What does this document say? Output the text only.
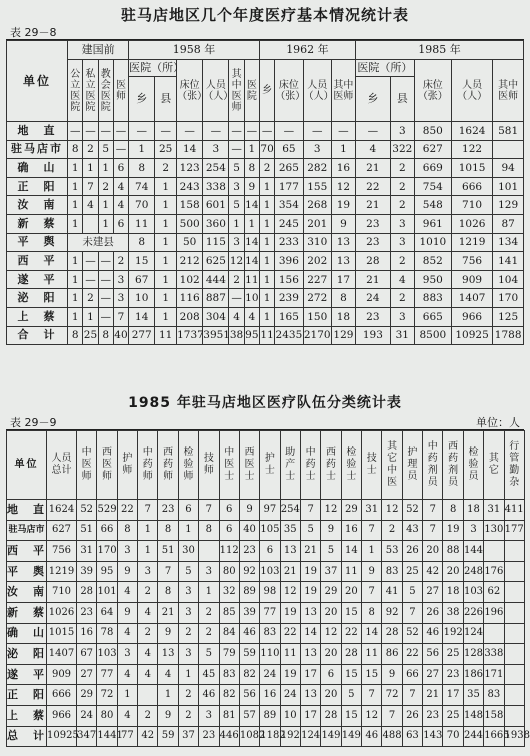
驻马店地区几个年度医疗基本情况统计表
表 29－8
单位	建国前				1958 年						1962 年				1985 年				
	公立医院	私立医院	教会医院	医师	医院（所）		床位（张）	人员（人）	其中医师	医院	乡	床位（张）	人员（人）	其中医师	医院（所）		床位（张）	人员（人）	其中医师
					乡	县									乡	县			
地　直	—	—	—	—	—	—	—	—	—	—	—	—	—	—	—	3	850	1624	581
驻马店市	8	2	5	—	1	25	14	3	—	1	70	65	3	1	4	322	627	122	
确　山	1	1	1	6	8	2	123	254	5	8	2	265	282	16	21	2	669	1015	94
正　阳	1	7	2	4	74	1	243	338	3	9	1	177	155	12	22	2	754	666	101
汝　南	1	4	1	4	70	1	158	601	5	14	1	354	268	19	21	2	548	710	129
新　蔡	1		1	6	11	1	500	360	1	1	1	245	201	9	23	3	961	1026	87
平　舆	未建县				8	1	50	115	3	14	1	233	310	13	23	3	1010	1219	134
西　平	1	—	—	2	15	1	212	625	12	14	1	396	202	13	28	2	852	756	141
遂　平	1	—	—	3	67	1	102	444	2	11	1	156	227	17	21	4	950	909	104
泌　阳	1	2	—	3	10	1	116	887	—	10	1	239	272	8	24	2	883	1407	170
上　蔡	1	1	—	7	14	1	208	304	4	4	1	165	150	18	23	3	665	966	125
合　计	8	25	8	40	277	11	1737	3951	38	95	11	2435	2170	129	193	31	8500	10925	1788
1985 年驻马店地区医疗队伍分类统计表
表 29－9	单位：人
单位	人员总计	中医师	西医师	护师	中药师	西药师	检验师	技师	中医士	西医士	护士	助产士	中药士	西药士	检验士	技士	其它中医	护理员	中药剂员	西药剂员	检验员	其它	行管勤杂
地　直	1624	52	529	22	7	23	6	7	6	9	97	254	7	12	29	31	12	52	7	8	18	31	411
驻马店市	627	51	66	8	1	8	1	8	6	40	105	35	5	9	16	7	2	43	7	19	3	130	177
西　平	756	31	170	3	1	51	30		112	23	6	13	21	5	14	1	53	26	20	88	144		
平　舆	1219	39	95	9	3	7	5	3	80	92	103	21	19	37	11	9	83	25	42	20	248	176	
汝　南	710	28	101	4	2	8	3	1	32	89	98	12	19	29	20	7	41	5	27	18	103	62	
新　蔡	1026	23	64	9	4	21	3	2	85	39	77	19	13	20	15	8	92	7	26	38	226	196	
确　山	1015	16	78	4	2	9	2	2	84	46	83	22	14	12	22	14	28	52	46	192	124		
泌　阳	1407	67	103	3	4	13	3	5	79	59	110	11	13	20	28	11	86	22	56	25	128	338	
遂　平	909	27	77	4	4	4	1	45	83	82	24	19	17	6	15	15	9	66	27	23	186	171	
正　阳	666	29	72	1		1	2	46	82	56	16	24	13	20	5	7	72	7	21	17	35	83	
上　蔡	966	24	80	4	2	9	2	3	81	57	89	10	17	28	15	12	7	26	23	25	148	158	
总　计	10925	347	1441	77	42	59	37	23	446	1082	1182	192	124	149	149	46	488	63	143	70	244	1665	1938
